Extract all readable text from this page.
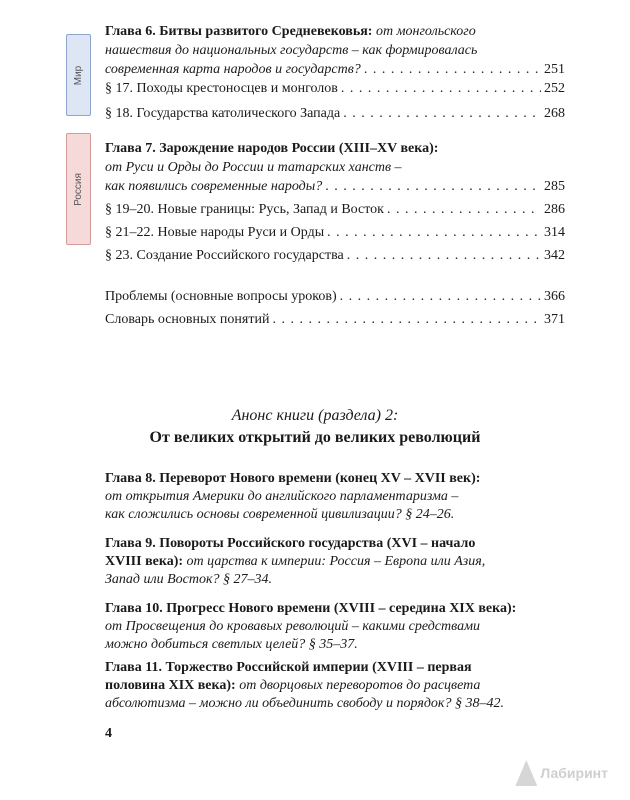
Мир
Россия
Глава 6. Битвы развитого Средневековья: от монгольского
нашествия до национальных государств – как формировалась
современная карта народов и государств? . . .	251
§ 17. Походы крестоносцев и монголов . . .	252
§ 18. Государства католического Запада . . .	268
Глава 7. Зарождение народов России (XIII–XV века):
от Руси и Орды до России и татарских ханств –
как появились современные народы? . . .	285
§ 19–20. Новые границы: Русь, Запад и Восток . . .	286
§ 21–22. Новые народы Руси и Орды . . .	314
§ 23. Создание Российского государства . . .	342
Проблемы (основные вопросы уроков) . . .	366
Словарь основных понятий . . .	371
Анонс книги (раздела) 2:
От великих открытий до великих революций
Глава 8. Переворот Нового времени (конец XV – XVII век):
от открытия Америки до английского парламентаризма –
как сложились основы современной цивилизации? § 24–26.
Глава 9. Повороты Российского государства (XVI – начало
XVIII века): от царства к империи: Россия – Европа или Азия,
Запад или Восток? § 27–34.
Глава 10. Прогресс Нового времени (XVIII – середина XIX века):
от Просвещения до кровавых революций – какими средствами
можно добиться светлых целей? § 35–37.
Глава 11. Торжество Российской империи (XVIII – первая
половина XIX века): от дворцовых переворотов до расцвета
абсолютизма – можно ли объединить свободу и порядок? § 38–42.
4
Лабиринт
